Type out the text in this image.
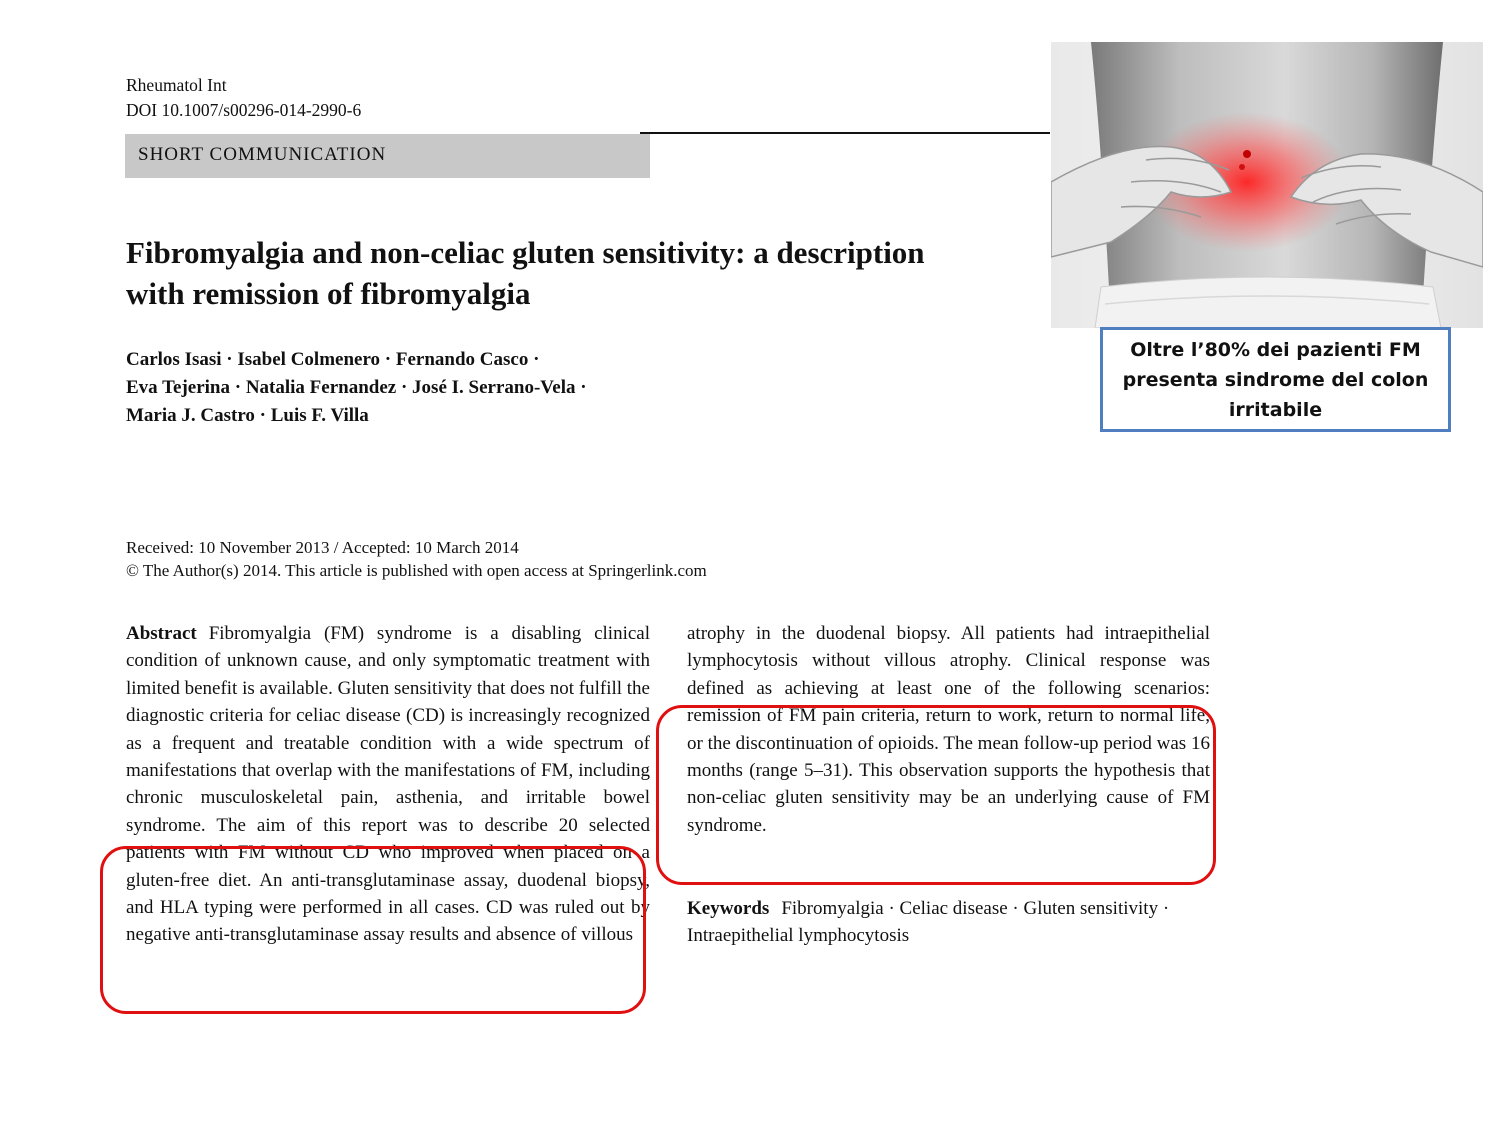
Rheumatol Int
DOI 10.1007/s00296-014-2990-6
SHORT COMMUNICATION
Fibromyalgia and non-celiac gluten sensitivity: a description
with remission of fibromyalgia
Carlos Isasi · Isabel Colmenero · Fernando Casco ·
Eva Tejerina · Natalia Fernandez · José I. Serrano-Vela ·
Maria J. Castro · Luis F. Villa
Received: 10 November 2013 / Accepted: 10 March 2014
© The Author(s) 2014. This article is published with open access at Springerlink.com
Abstract Fibromyalgia (FM) syndrome is a disabling clinical condition of unknown cause, and only symptomatic treatment with limited benefit is available. Gluten sensitivity that does not fulfill the diagnostic criteria for celiac disease (CD) is increasingly recognized as a frequent and treatable condition with a wide spectrum of manifestations that overlap with the manifestations of FM, including chronic musculoskeletal pain, asthenia, and irritable bowel syndrome. The aim of this report was to describe 20 selected patients with FM without CD who improved when placed on a gluten-free diet. An anti-transglutaminase assay, duodenal biopsy, and HLA typing were performed in all cases. CD was ruled out by negative anti-transglutaminase assay results and absence of villous
atrophy in the duodenal biopsy. All patients had intraepithelial lymphocytosis without villous atrophy. Clinical response was defined as achieving at least one of the following scenarios: remission of FM pain criteria, return to work, return to normal life, or the discontinuation of opioids. The mean follow-up period was 16 months (range 5–31). This observation supports the hypothesis that non-celiac gluten sensitivity may be an underlying cause of FM syndrome.
Keywords Fibromyalgia · Celiac disease · Gluten sensitivity · Intraepithelial lymphocytosis
Oltre l’80% dei pazienti FM presenta sindrome del colon irritabile
